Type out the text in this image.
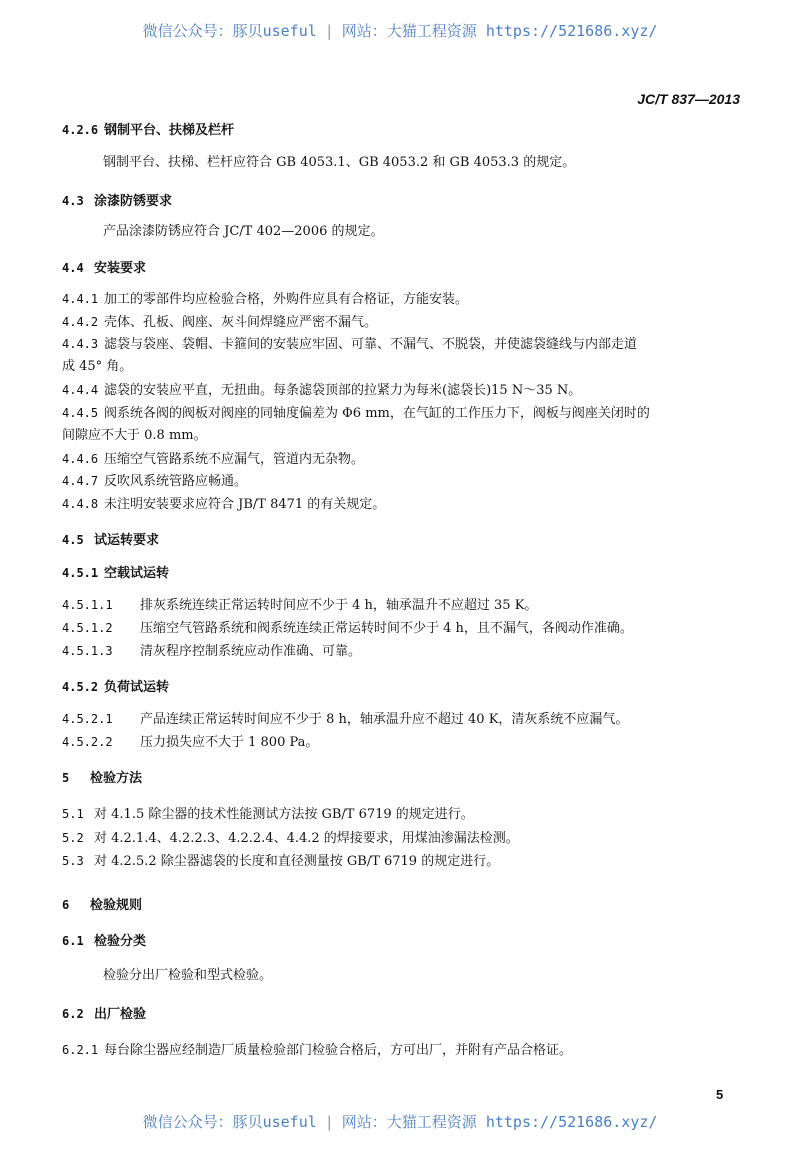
微信公众号：豚贝useful | 网站：大猫工程资源 https://521686.xyz/
JC/T 837—2013
4.2.6 钢制平台、扶梯及栏杆
钢制平台、扶梯、栏杆应符合 GB 4053.1、GB 4053.2 和 GB 4053.3 的规定。
4.3 涂漆防锈要求
产品涂漆防锈应符合 JC/T 402—2006 的规定。
4.4 安装要求
4.4.1 加工的零部件均应检验合格，外购件应具有合格证，方能安装。
4.4.2 壳体、孔板、阀座、灰斗间焊缝应严密不漏气。
4.4.3 滤袋与袋座、袋帽、卡箍间的安装应牢固、可靠、不漏气、不脱袋，并使滤袋缝线与内部走道
成 45° 角。
4.4.4 滤袋的安装应平直，无扭曲。每条滤袋顶部的拉紧力为每米(滤袋长)15 N～35 N。
4.4.5 阀系统各阀的阀板对阀座的同轴度偏差为 Φ6 mm，在气缸的工作压力下，阀板与阀座关闭时的
间隙应不大于 0.8 mm。
4.4.6 压缩空气管路系统不应漏气，管道内无杂物。
4.4.7 反吹风系统管路应畅通。
4.4.8 未注明安装要求应符合 JB/T 8471 的有关规定。
4.5 试运转要求
4.5.1 空载试运转
4.5.1.1 排灰系统连续正常运转时间应不少于 4 h，轴承温升不应超过 35 K。
4.5.1.2 压缩空气管路系统和阀系统连续正常运转时间不少于 4 h，且不漏气，各阀动作准确。
4.5.1.3 清灰程序控制系统应动作准确、可靠。
4.5.2 负荷试运转
4.5.2.1 产品连续正常运转时间应不少于 8 h，轴承温升应不超过 40 K，清灰系统不应漏气。
4.5.2.2 压力损失应不大于 1 800 Pa。
5 检验方法
5.1 对 4.1.5 除尘器的技术性能测试方法按 GB/T 6719 的规定进行。
5.2 对 4.2.1.4、4.2.2.3、4.2.2.4、4.4.2 的焊接要求，用煤油渗漏法检测。
5.3 对 4.2.5.2 除尘器滤袋的长度和直径测量按 GB/T 6719 的规定进行。
6 检验规则
6.1 检验分类
检验分出厂检验和型式检验。
6.2 出厂检验
6.2.1 每台除尘器应经制造厂质量检验部门检验合格后，方可出厂，并附有产品合格证。
5
微信公众号：豚贝useful | 网站：大猫工程资源 https://521686.xyz/
